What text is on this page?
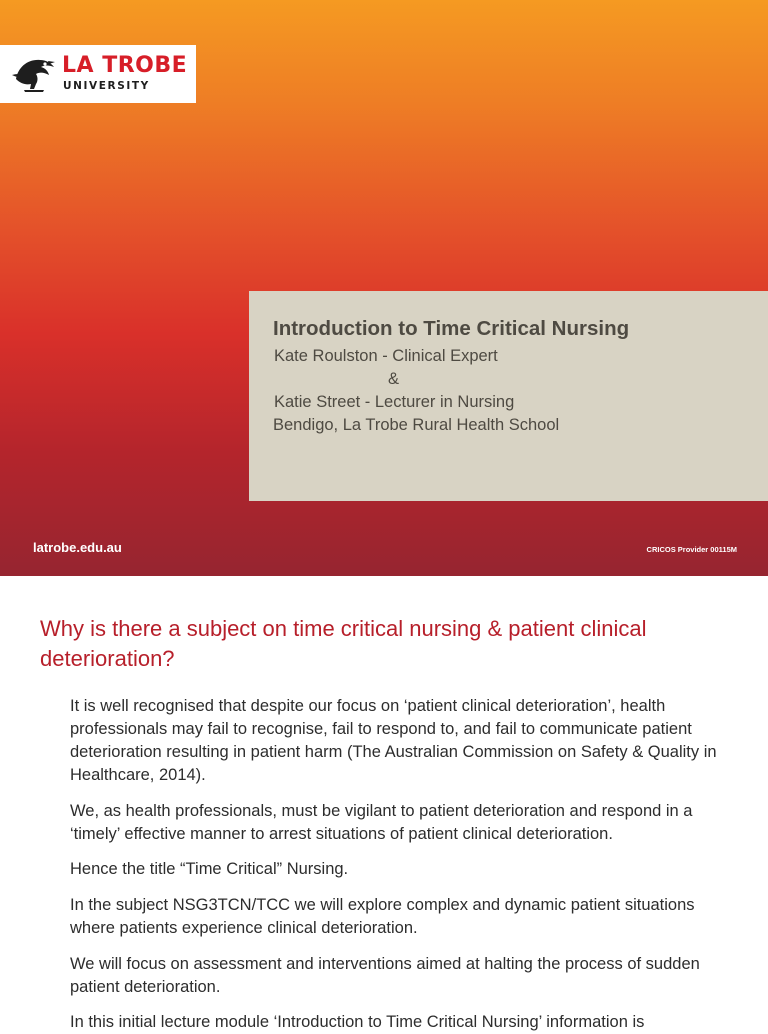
LA TROBE
UNIVERSITY
Introduction to Time Critical Nursing
Kate Roulston - Clinical Expert
&
Katie Street - Lecturer in Nursing
Bendigo, La Trobe Rural Health School
latrobe.edu.au	CRICOS Provider 00115M
Why is there a subject on time critical nursing & patient clinical deterioration?
It is well recognised that despite our focus on ‘patient clinical deterioration’, health professionals may fail to recognise, fail to respond to, and fail to communicate patient deterioration resulting in patient harm (The Australian Commission on Safety & Quality in Healthcare, 2014).
We, as health professionals, must be vigilant to patient deterioration and respond in a ‘timely’ effective manner to arrest situations of patient clinical deterioration.
Hence the title “Time Critical” Nursing.
In the subject NSG3TCN/TCC we will explore complex and dynamic patient situations where patients experience clinical deterioration.
We will focus on assessment and interventions aimed at halting the process of sudden patient deterioration.
In this initial lecture module ‘Introduction to Time Critical Nursing’ information is
